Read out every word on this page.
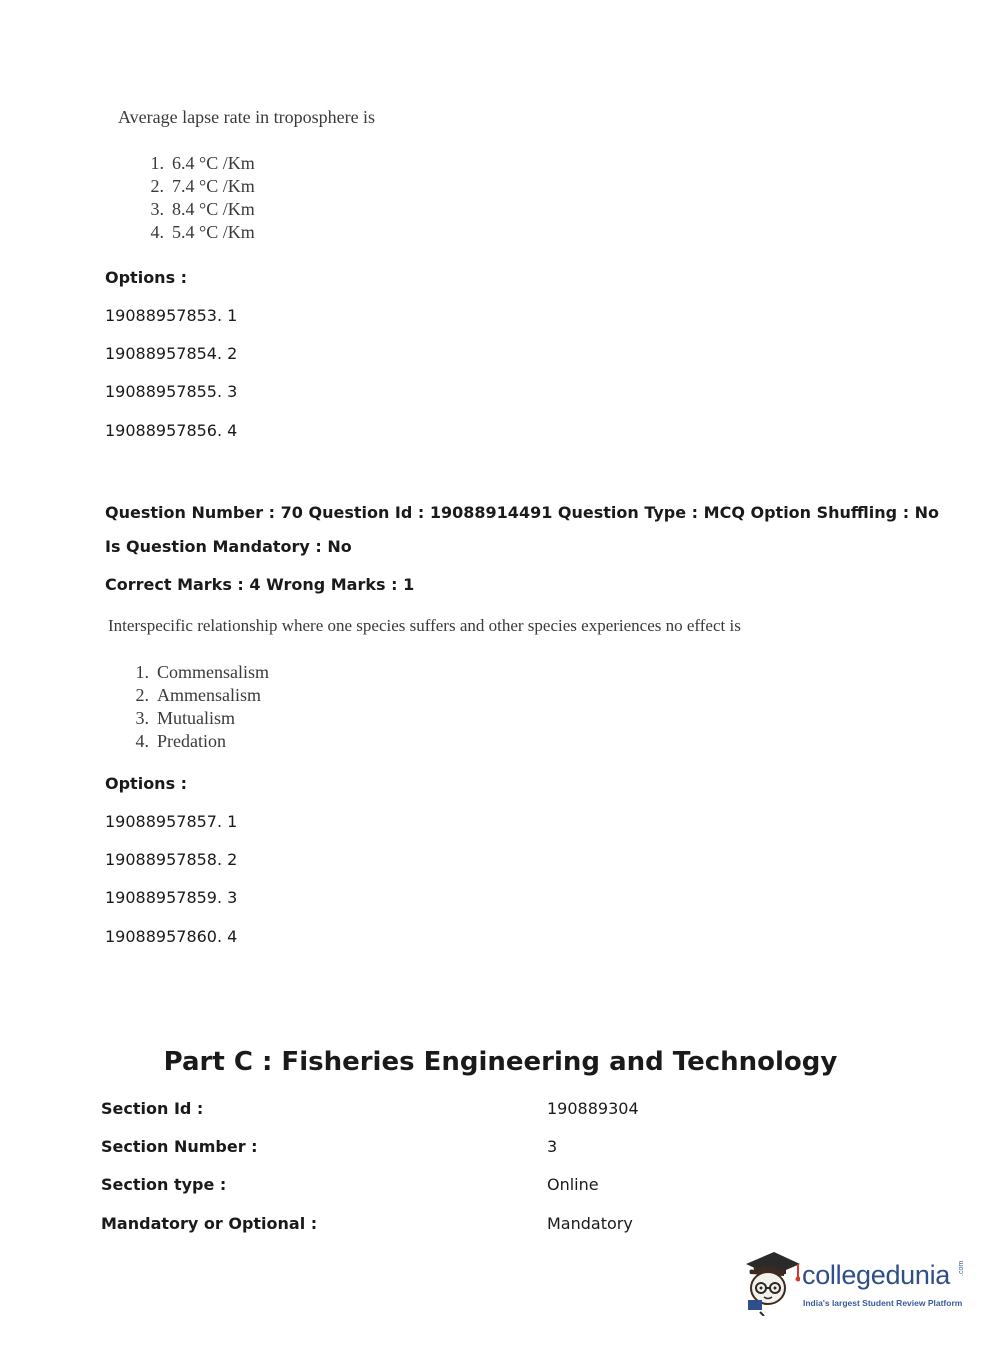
Average lapse rate in troposphere is
1. 6.4 °C /Km
2. 7.4 °C /Km
3. 8.4 °C /Km
4. 5.4 °C /Km
Options :
19088957853. 1
19088957854. 2
19088957855. 3
19088957856. 4
Question Number : 70 Question Id : 19088914491 Question Type : MCQ Option Shuffling : No
Is Question Mandatory : No
Correct Marks : 4 Wrong Marks : 1
Interspecific relationship where one species suffers and other species experiences no effect is
1. Commensalism
2. Ammensalism
3. Mutualism
4. Predation
Options :
19088957857. 1
19088957858. 2
19088957859. 3
19088957860. 4
Part C : Fisheries Engineering and Technology
Section Id :	190889304
Section Number :	3
Section type :	Online
Mandatory or Optional :	Mandatory
collegedunia .com
India's largest Student Review Platform
